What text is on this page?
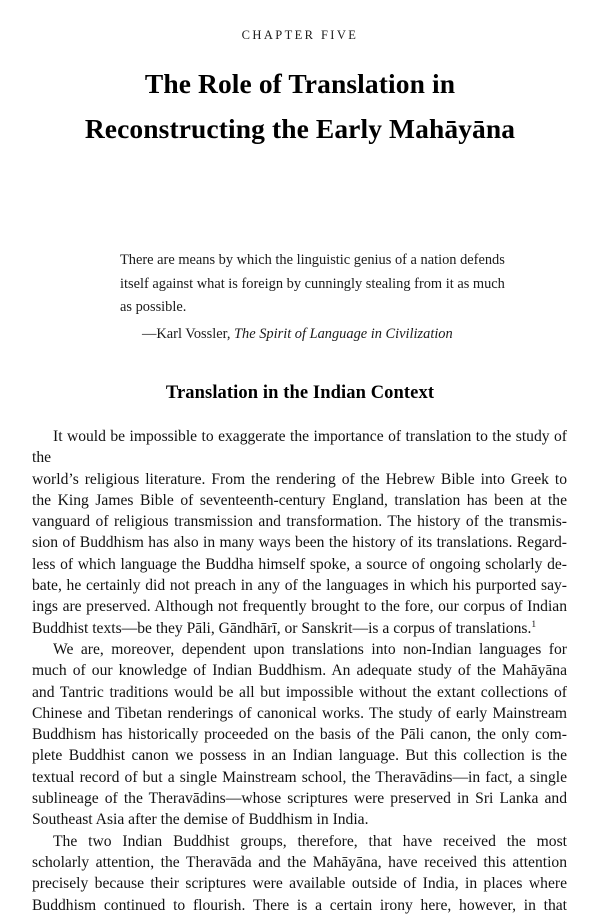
CHAPTER FIVE
The Role of Translation in
Reconstructing the Early Mahāyāna
There are means by which the linguistic genius of a nation defends
itself against what is foreign by cunningly stealing from it as much
as possible.
—Karl Vossler, The Spirit of Language in Civilization
Translation in the Indian Context

It would be impossible to exaggerate the importance of translation to the study of the
world’s religious literature. From the rendering of the Hebrew Bible into Greek to
the King James Bible of seventeenth-century England, translation has been at the
vanguard of religious transmission and transformation. The history of the transmis-
sion of Buddhism has also in many ways been the history of its translations. Regard-
less of which language the Buddha himself spoke, a source of ongoing scholarly de-
bate, he certainly did not preach in any of the languages in which his purported say-
ings are preserved. Although not frequently brought to the fore, our corpus of Indian
Buddhist texts—be they Pāli, Gāndhārī, or Sanskrit—is a corpus of translations.$^1$

We are, moreover, dependent upon translations into non-Indian languages for
much of our knowledge of Indian Buddhism. An adequate study of the Mahāyāna
and Tantric traditions would be all but impossible without the extant collections of
Chinese and Tibetan renderings of canonical works. The study of early Mainstream
Buddhism has historically proceeded on the basis of the Pāli canon, the only com-
plete Buddhist canon we possess in an Indian language. But this collection is the
textual record of but a single Mainstream school, the Theravādins—in fact, a single
sublineage of the Theravādins—whose scriptures were preserved in Sri Lanka and
Southeast Asia after the demise of Buddhism in India.

The two Indian Buddhist groups, therefore, that have received the most
scholarly attention, the Theravāda and the Mahāyāna, have received this attention
precisely because their scriptures were available outside of India, in places where
Buddhism continued to flourish. There is a certain irony here, however, in that
